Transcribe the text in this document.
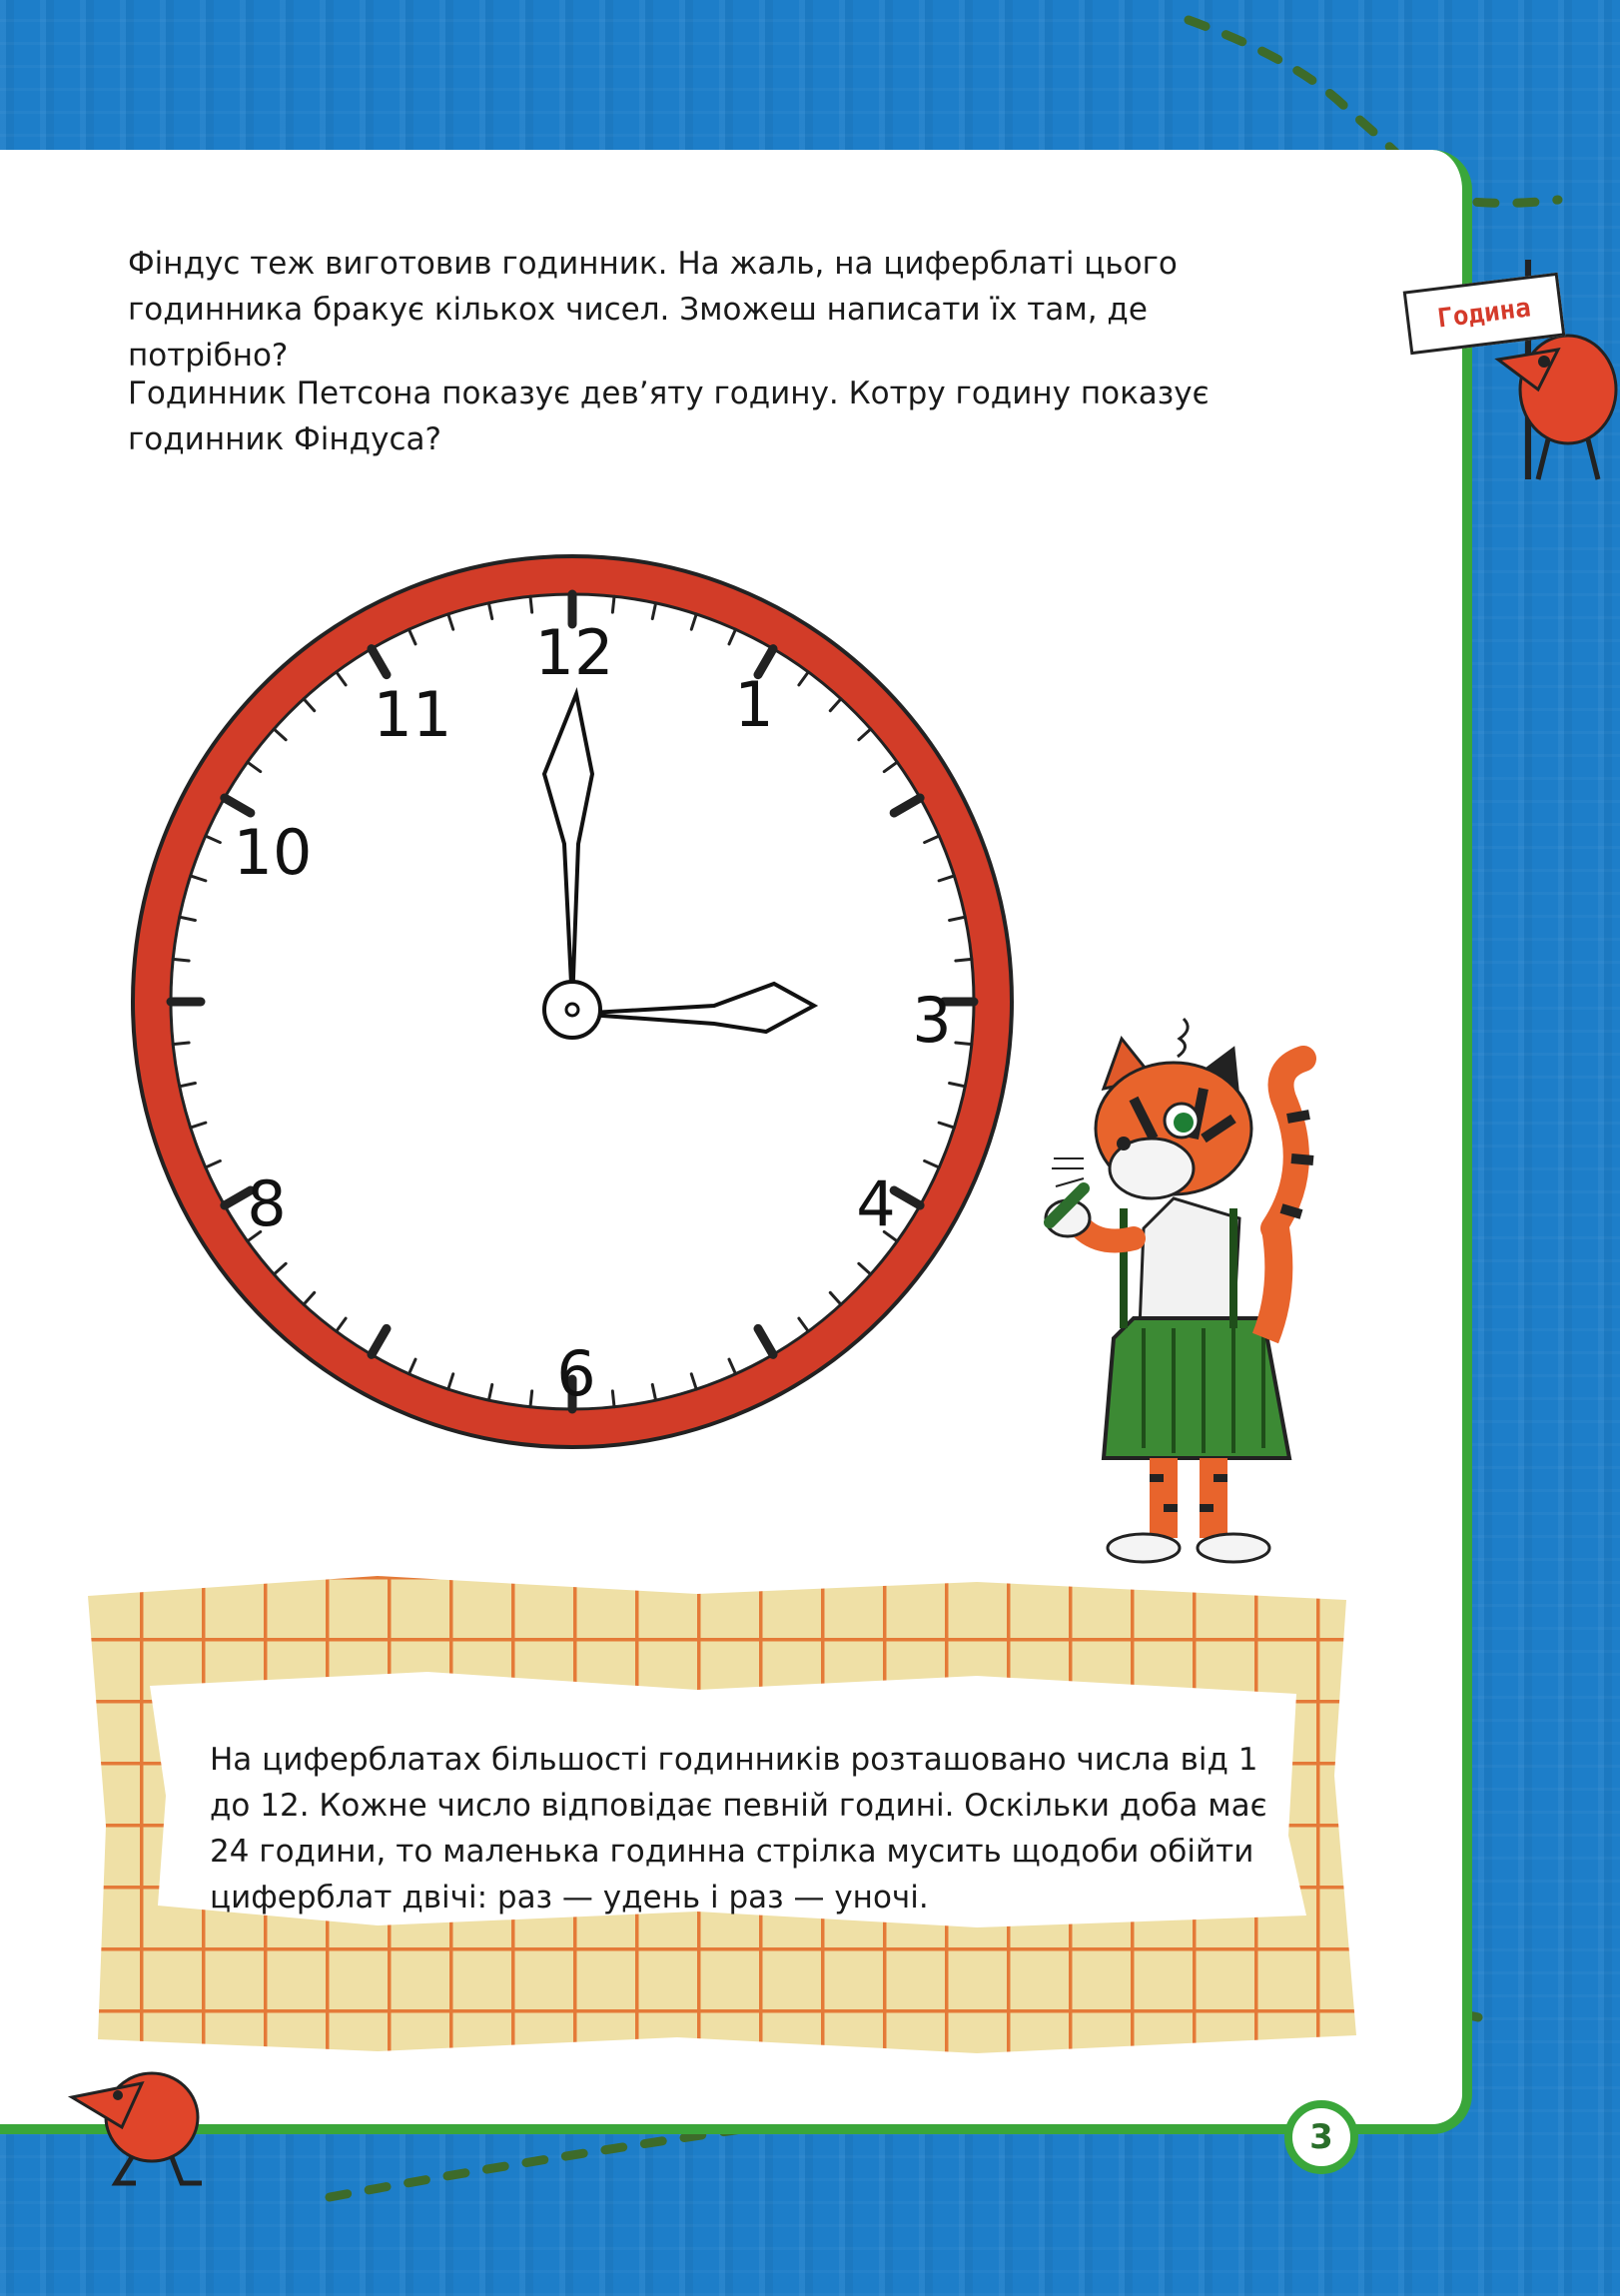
Фіндус теж виготовив годинник. На жаль, на циферблаті цього годинника бракує кількох чисел. Зможеш написати їх там, де потрібно?

Годинник Петсона показує дев’яту годину. Котру годину показує годинник Фіндуса?

12
1
3
4
6
8
10
11
Година

На циферблатах більшості годинників розташовано числа від 1 до 12. Кожне число відповідає певній годині. Оскільки доба має 24 години, то маленька годинна стрілка мусить щодоби обійти циферблат двічі: раз — удень і раз — уночі.

3
